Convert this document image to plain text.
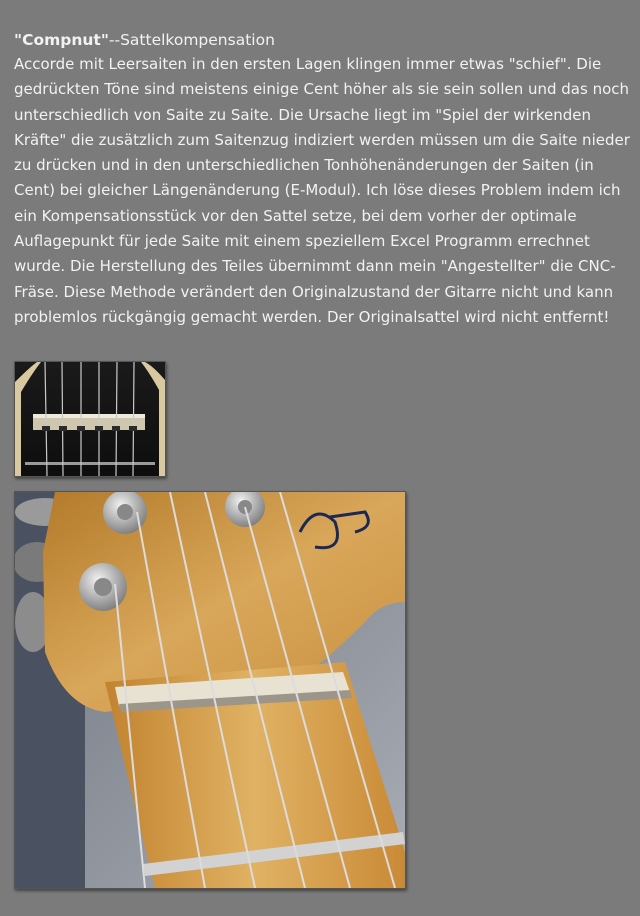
"Compnut"--Sattelkompensation

Accorde mit Leersaiten in den ersten Lagen klingen immer etwas "schief". Die gedrückten Töne sind meistens einige Cent höher als sie sein sollen und das noch unterschiedlich von Saite zu Saite. Die Ursache liegt im "Spiel der wirkenden Kräfte" die zusätzlich zum Saitenzug indiziert werden müssen um die Saite nieder zu drücken und in den unterschiedlichen Tonhöhenänderungen der Saiten (in Cent) bei gleicher Längenänderung (E-Modul). Ich löse dieses Problem indem ich ein Kompensationsstück vor den Sattel setze, bei dem vorher der optimale Auflagepunkt für jede Saite mit einem speziellem Excel Programm errechnet wurde. Die Herstellung des Teiles übernimmt dann mein "Angestellter" die CNC-Fräse. Diese Methode verändert den Originalzustand der Gitarre nicht und kann problemlos rückgängig gemacht werden. Der Originalsattel wird nicht entfernt!
